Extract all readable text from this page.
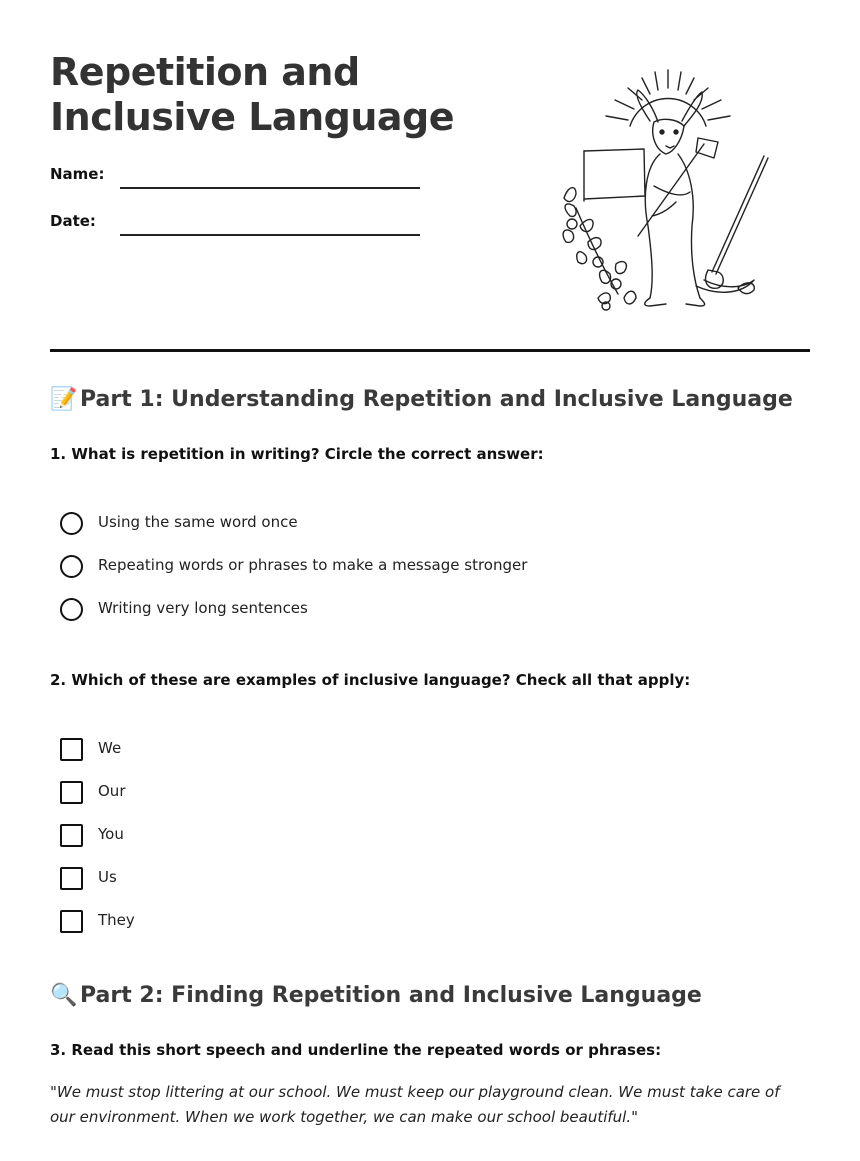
Repetition and Inclusive Language
Name:
Date:
📝 Part 1: Understanding Repetition and Inclusive Language

1. What is repetition in writing? Circle the correct answer:

Using the same word once
Repeating words or phrases to make a message stronger
Writing very long sentences

2. Which of these are examples of inclusive language? Check all that apply:

We
Our
You
Us
They
🔍 Part 2: Finding Repetition and Inclusive Language

3. Read this short speech and underline the repeated words or phrases:

"We must stop littering at our school. We must keep our playground clean. We must take care of our environment. When we work together, we can make our school beautiful."
